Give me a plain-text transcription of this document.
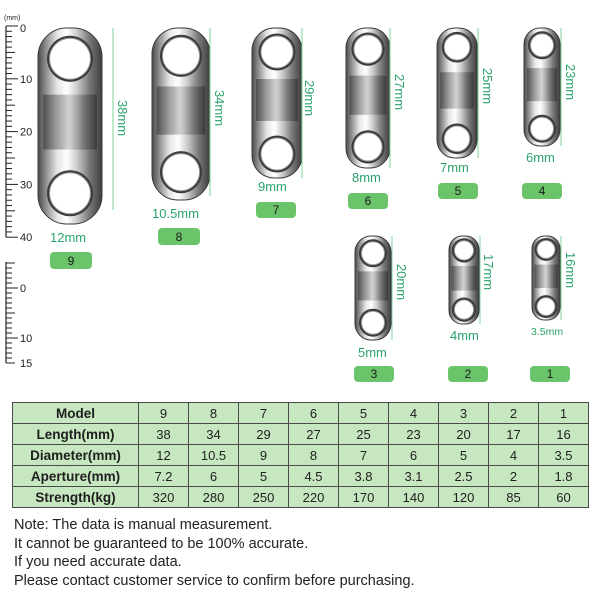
(mm)
10
20
30
40
0
0
10
15
38mm
12mm
9
34mm
10.5mm
8
29mm
9mm
7
27mm
8mm
6
25mm
7mm
5
23mm
6mm
4
20mm
5mm
3
17mm
4mm
2
16mm
3.5mm
1
Model	9	8	7	6	5	4	3	2	1
Length(mm)	38	34	29	27	25	23	20	17	16
Diameter(mm)	12	10.5	9	8	7	6	5	4	3.5
Aperture(mm)	7.2	6	5	4.5	3.8	3.1	2.5	2	1.8
Strength(kg)	320	280	250	220	170	140	120	85	60
Note: The data is manual measurement.
It cannot be guaranteed to be 100% accurate.
If you need accurate data.
Please contact customer service to confirm before purchasing.
